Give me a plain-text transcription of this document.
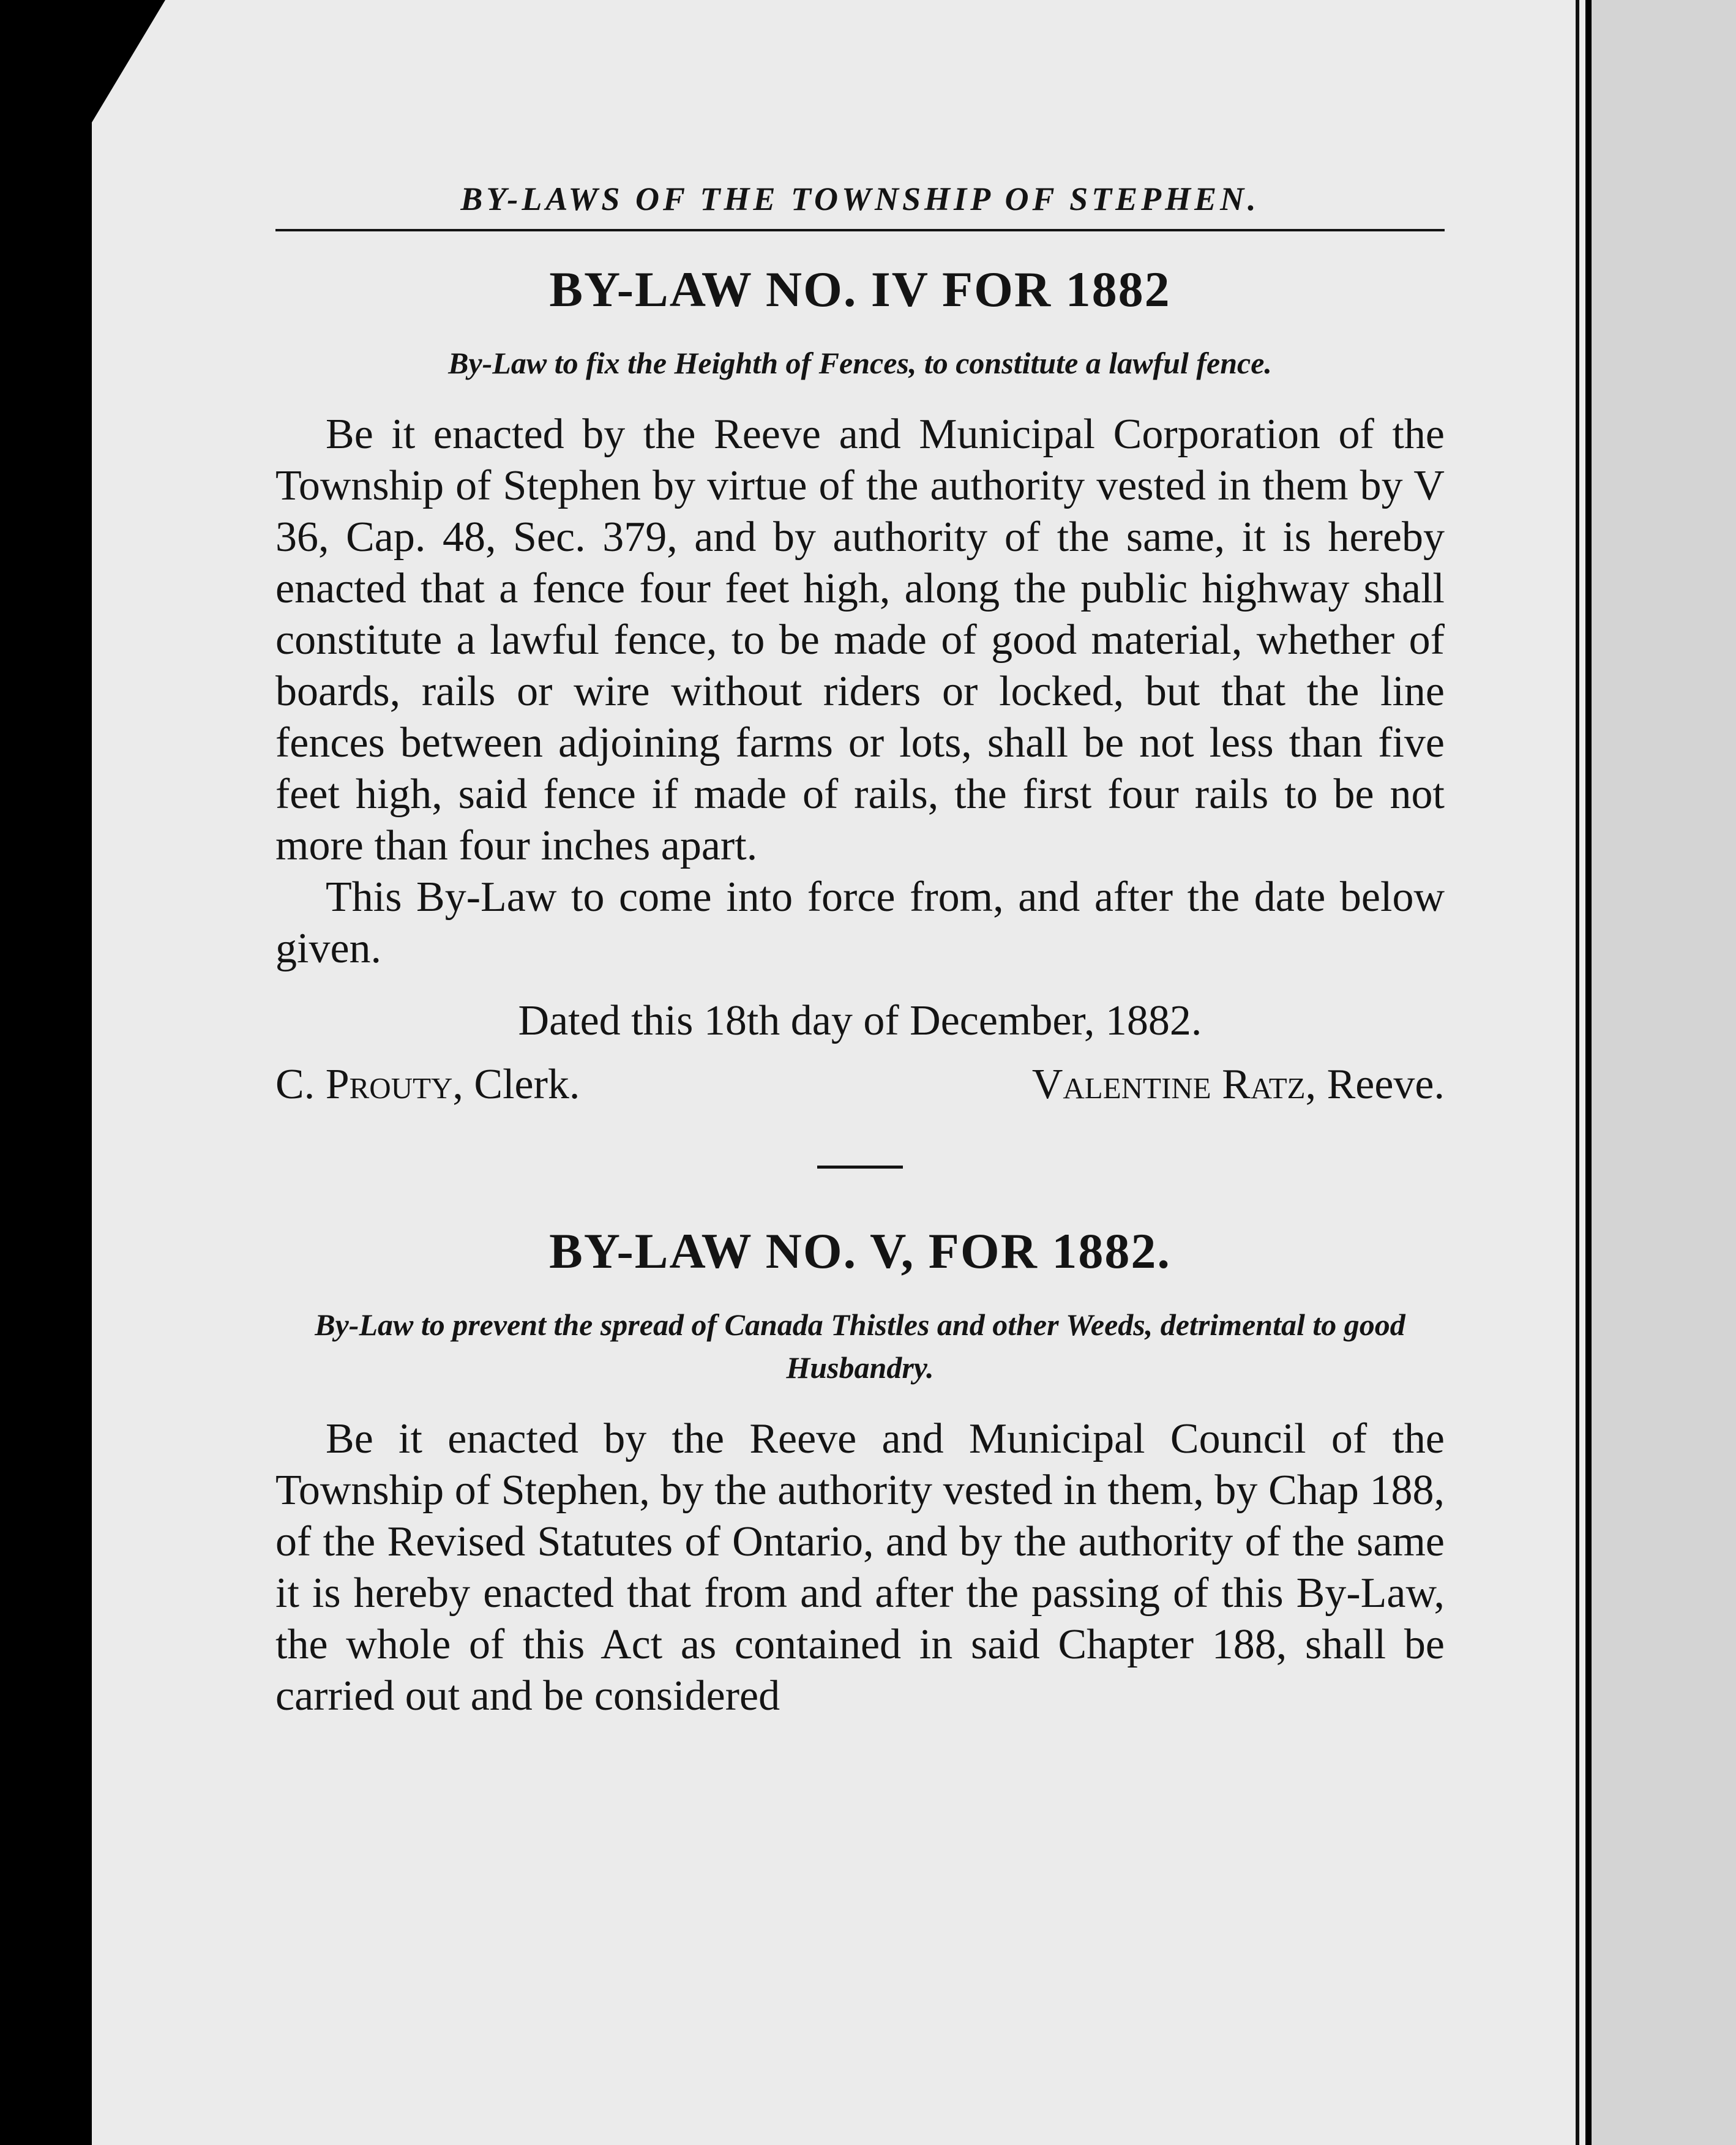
BY-LAWS OF THE TOWNSHIP OF STEPHEN.
BY-LAW NO. IV FOR 1882

By-Law to fix the Heighth of Fences, to constitute a lawful fence.

Be it enacted by the Reeve and Municipal Corporation of the Township of Stephen by virtue of the authority vested in them by V 36, Cap. 48, Sec. 379, and by authority of the same, it is hereby enacted that a fence four feet high, along the public highway shall constitute a lawful fence, to be made of good material, whether of boards, rails or wire without riders or locked, but that the line fences between adjoining farms or lots, shall be not less than five feet high, said fence if made of rails, the first four rails to be not more than four inches apart.

This By-Law to come into force from, and after the date below given.

Dated this 18th day of December, 1882.

C. Prouty, Clerk.	Valentine Ratz, Reeve.
BY-LAW NO. V, FOR 1882.

By-Law to prevent the spread of Canada Thistles and other Weeds, detrimental to good Husbandry.

Be it enacted by the Reeve and Municipal Council of the Township of Stephen, by the authority vested in them, by Chap 188, of the Revised Statutes of Ontario, and by the authority of the same it is hereby enacted that from and after the passing of this By-Law, the whole of this Act as contained in said Chapter 188, shall be carried out and be considered
